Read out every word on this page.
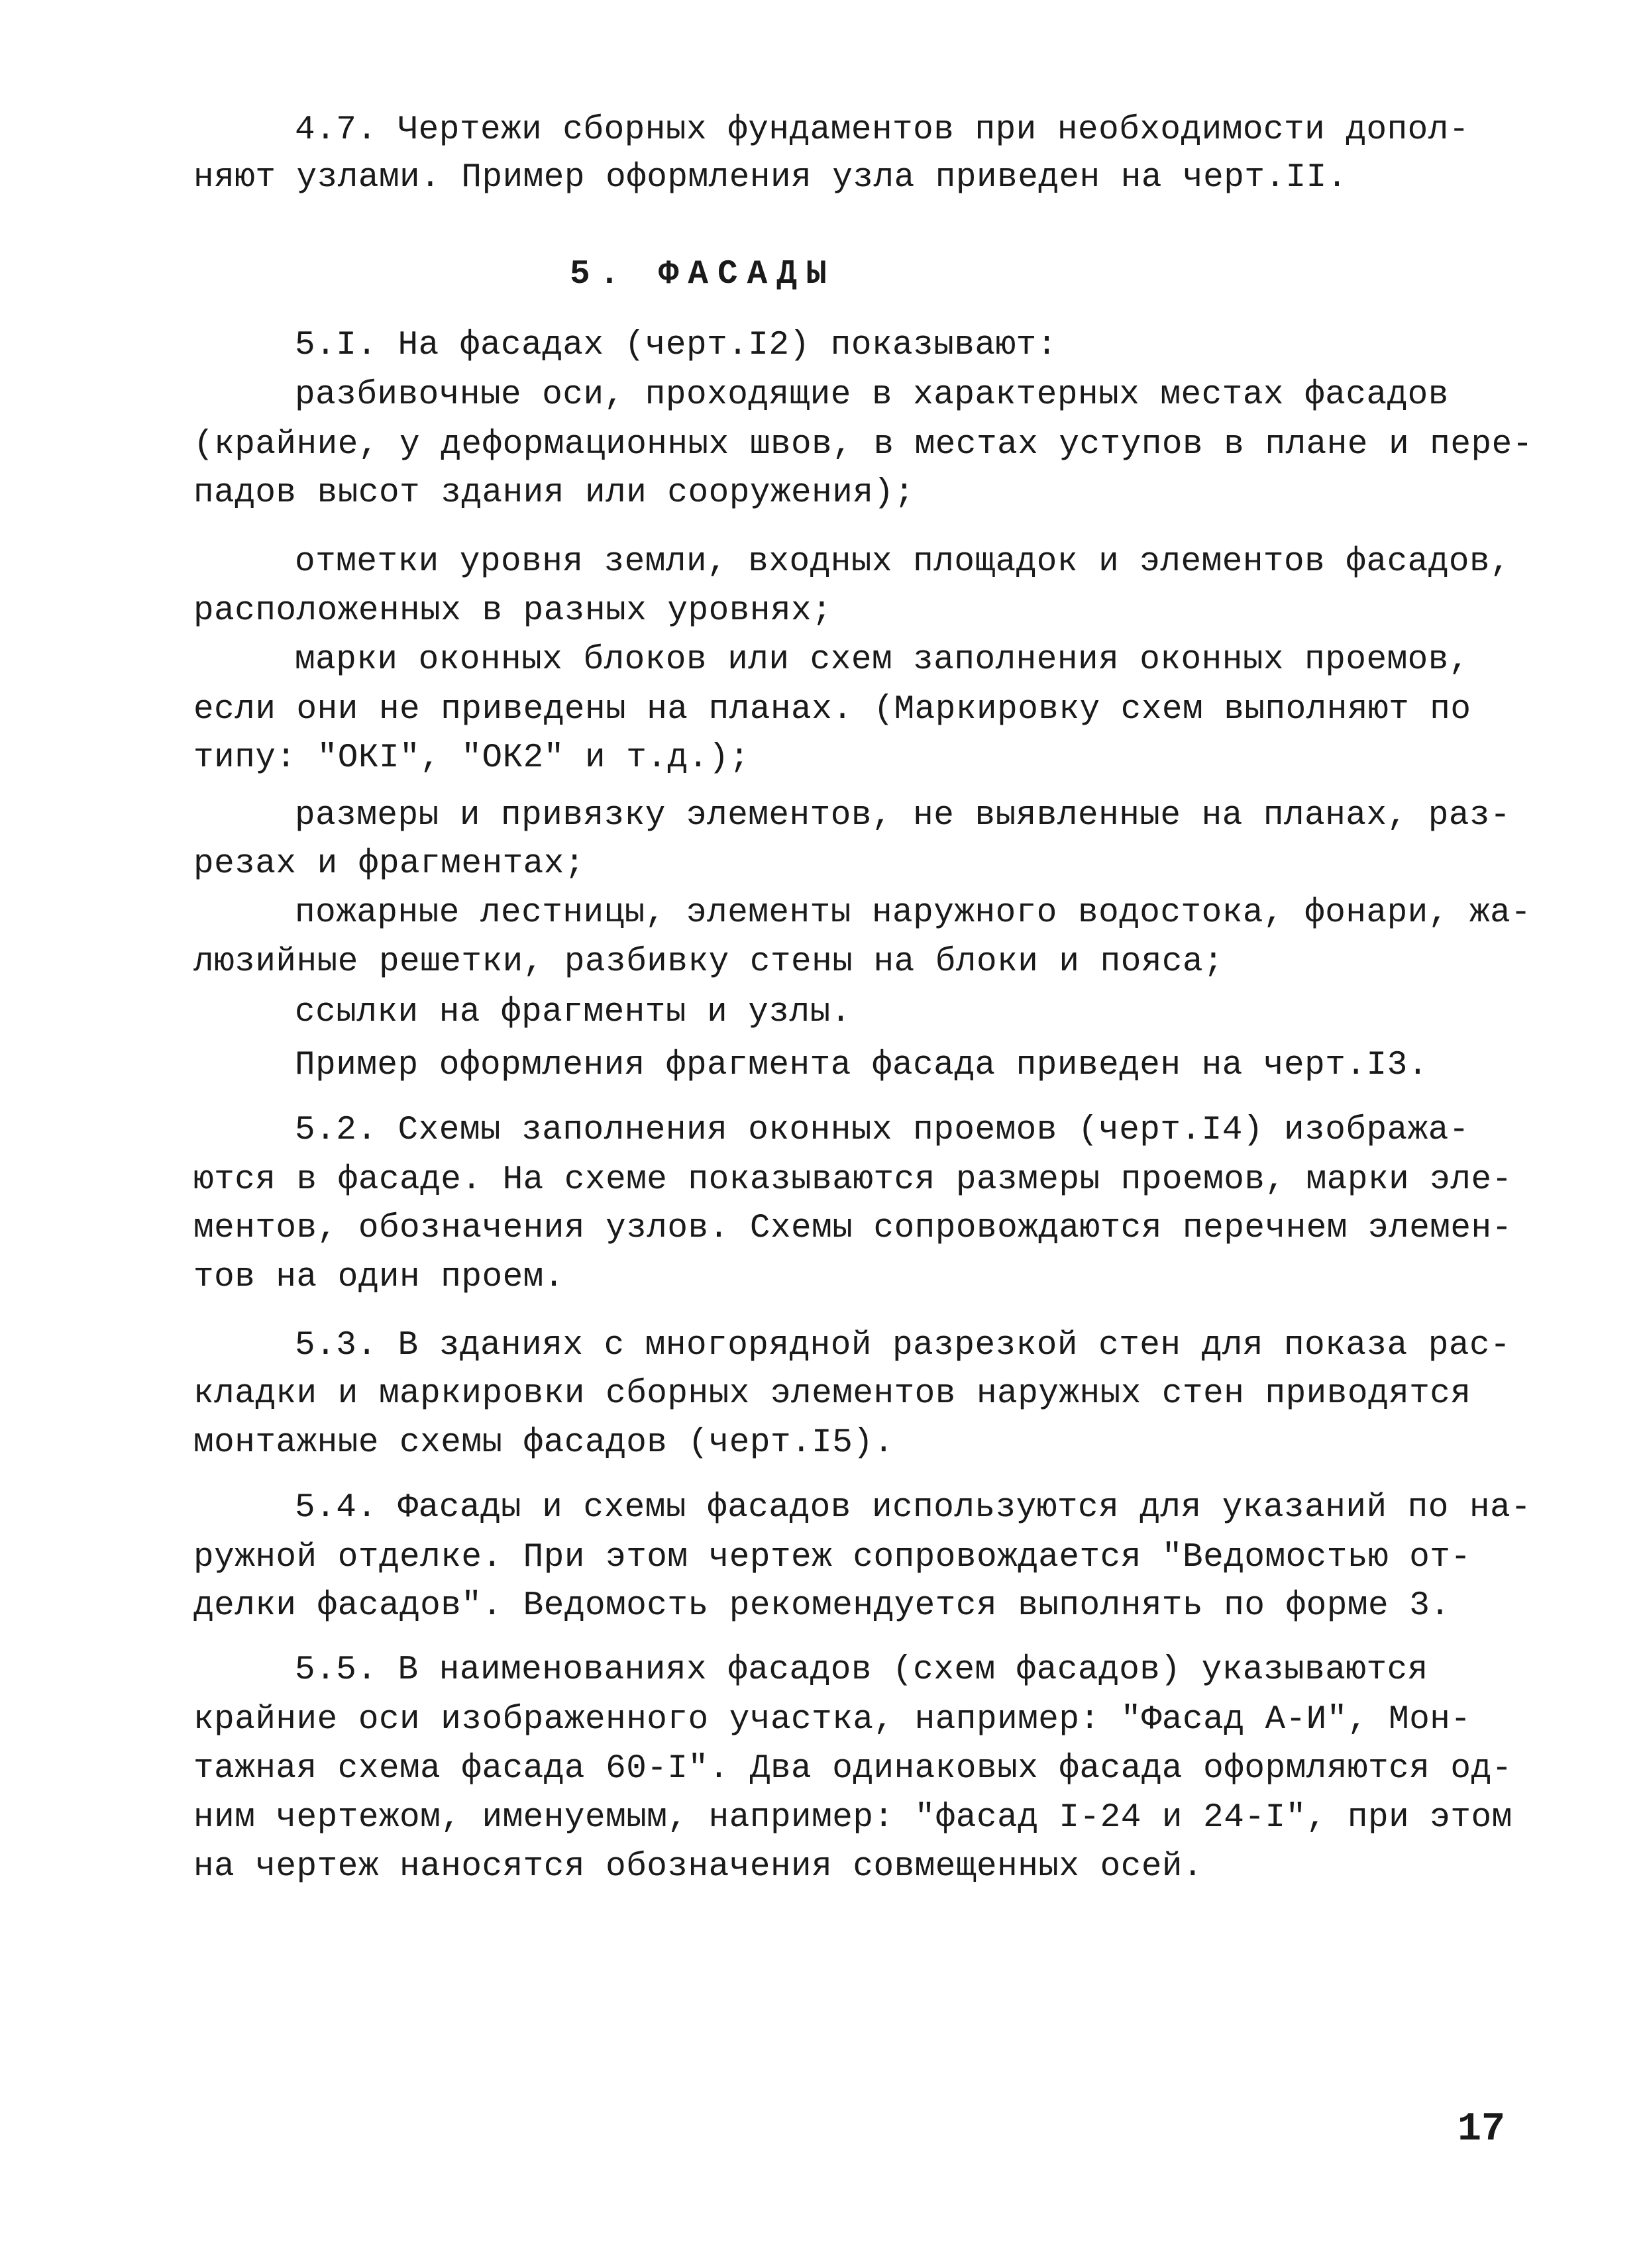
4.7. Чертежи сборных фундаментов при необходимости допол-
няют узлами. Пример оформления узла приведен на черт.II.
5. ФАСАДЫ
5.I. На фасадах (черт.I2) показывают:
разбивочные оси, проходящие в характерных местах фасадов
(крайние, у деформационных швов, в местах уступов в плане и пере-
падов высот здания или сооружения);
отметки уровня земли, входных площадок и элементов фасадов,
расположенных в разных уровнях;
марки оконных блоков или схем заполнения оконных проемов,
если они не приведены на планах. (Маркировку схем выполняют по
типу: "ОКI", "ОК2" и т.д.);
размеры и привязку элементов, не выявленные на планах, раз-
резах и фрагментах;
пожарные лестницы, элементы наружного водостока, фонари, жа-
люзийные решетки, разбивку стены на блоки и пояса;
ссылки на фрагменты и узлы.
Пример оформления фрагмента фасада приведен на черт.I3.
5.2. Схемы заполнения оконных проемов (черт.I4) изобража-
ются в фасаде. На схеме показываются размеры проемов, марки эле-
ментов, обозначения узлов. Схемы сопровождаются перечнем элемен-
тов на один проем.
5.3. В зданиях с многорядной разрезкой стен для показа рас-
кладки и маркировки сборных элементов наружных стен приводятся
монтажные схемы фасадов (черт.I5).
5.4. Фасады и схемы фасадов используются для указаний по на-
ружной отделке. При этом чертеж сопровождается "Ведомостью от-
делки фасадов". Ведомость рекомендуется выполнять по форме 3.
5.5. В наименованиях фасадов (схем фасадов) указываются
крайние оси изображенного участка, например: "Фасад А-И", Мон-
тажная схема фасада 60-I". Два одинаковых фасада оформляются од-
ним чертежом, именуемым, например: "фасад I-24 и 24-I", при этом
на чертеж наносятся обозначения совмещенных осей.
17
